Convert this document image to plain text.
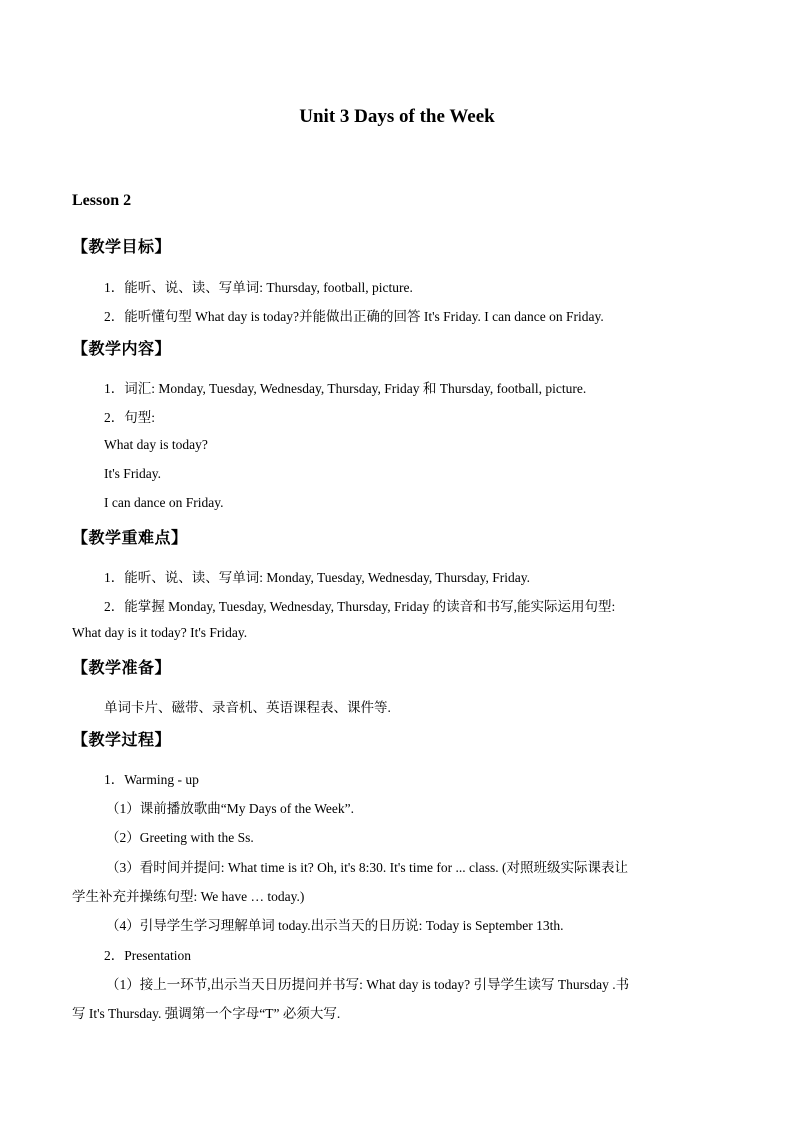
Unit 3 Days of the Week
Lesson 2
【教学目标】
1．能听、说、读、写单词: Thursday, football, picture.
2．能听懂句型 What day is today?并能做出正确的回答 It's Friday. I can dance on Friday.
【教学内容】
1．词汇: Monday, Tuesday, Wednesday, Thursday, Friday 和 Thursday, football, picture.
2．句型:
What day is today?
It's Friday.
I can dance on Friday.
【教学重难点】
1．能听、说、读、写单词: Monday, Tuesday, Wednesday, Thursday, Friday.
2．能掌握 Monday, Tuesday, Wednesday, Thursday, Friday 的读音和书写,能实际运用句型:
What day is it today? It's Friday.
【教学准备】
单词卡片、磁带、录音机、英语课程表、课件等.
【教学过程】
1．Warming - up
（1）课前播放歌曲“My Days of the Week”.
（2）Greeting with the Ss.
（3）看时间并提问: What time is it? Oh, it's 8:30. It's time for ... class. (对照班级实际课表让
学生补充并操练句型: We have … today.)
（4）引导学生学习理解单词 today.出示当天的日历说: Today is September 13th.
2．Presentation
（1）接上一环节,出示当天日历提问并书写: What day is today? 引导学生读写 Thursday .书
写 It's Thursday. 强调第一个字母“T” 必须大写.
